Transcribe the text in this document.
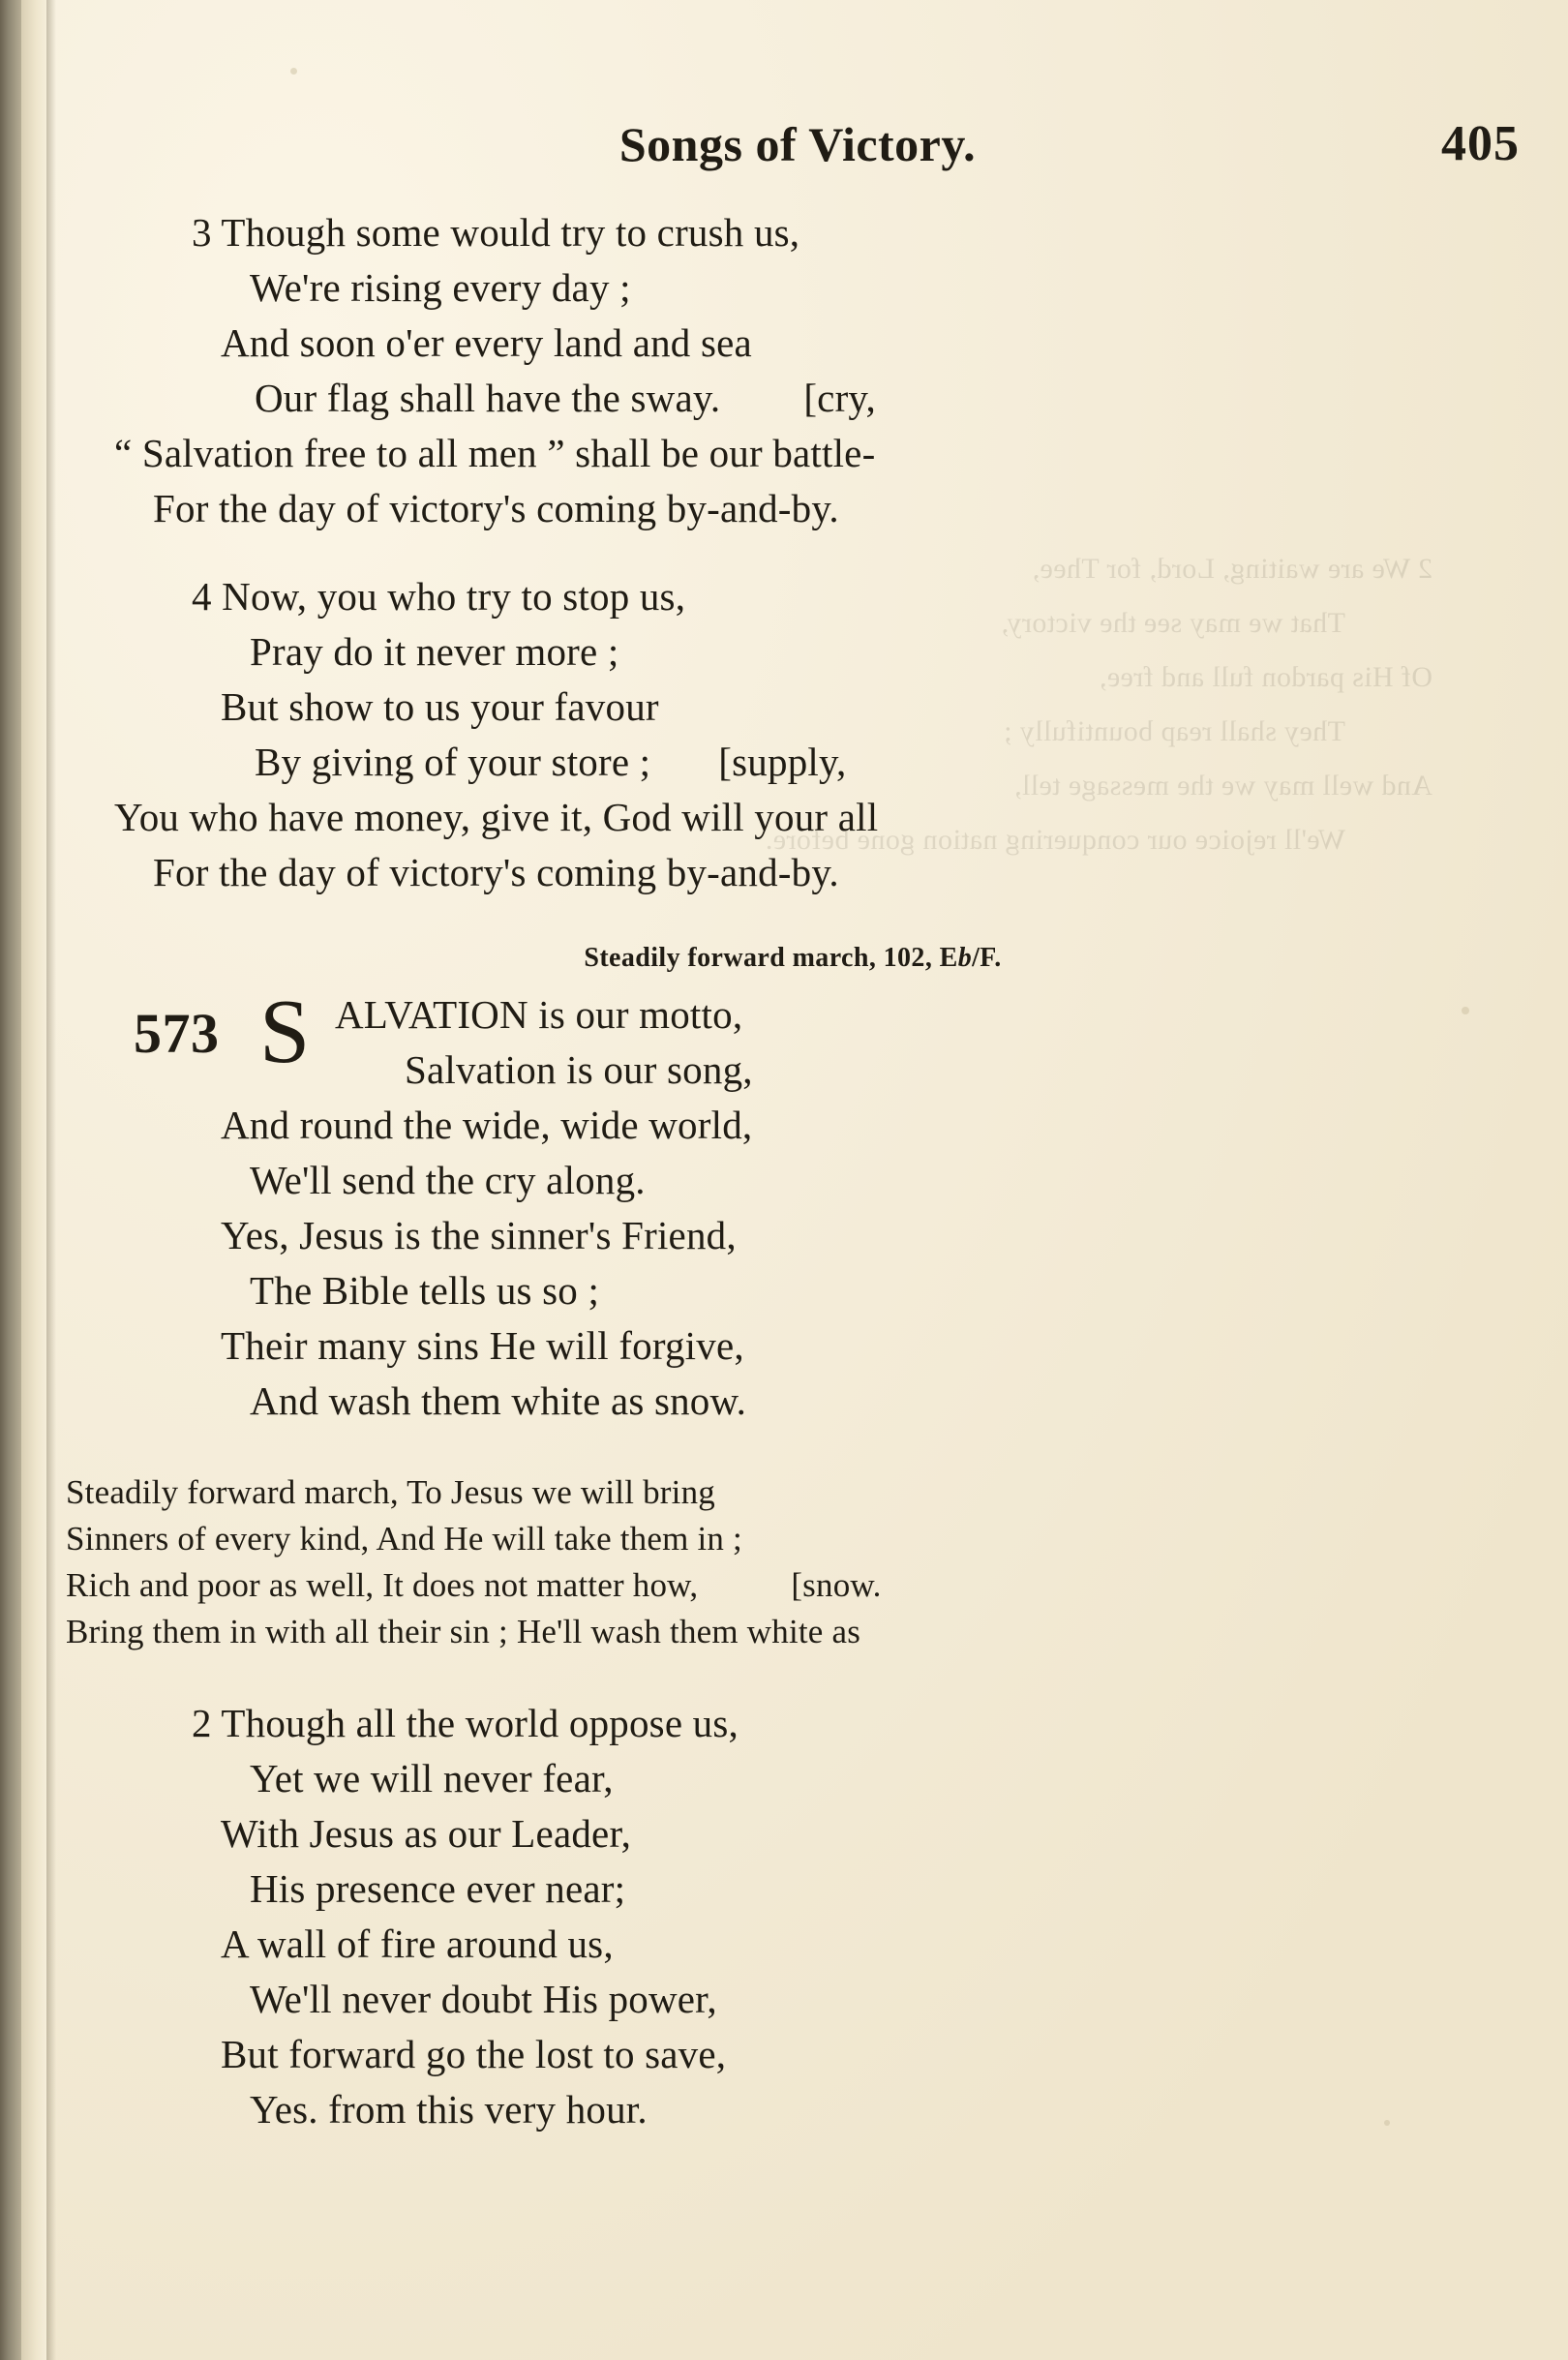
2 We are waiting, Lord, for Thee,
That we may see the victory,
Of His pardon full and free,
They shall reap bountifully ;
And well may we the message tell,
We'll rejoice our conquering nation gone before.
Songs of Victory.	405
3 Though some would try to crush us,
We're rising every day ;
And soon o'er every land and sea
Our flag shall have the sway. [cry,
“ Salvation free to all men ” shall be our battle-
For the day of victory's coming by-and-by.
4 Now, you who try to stop us,
Pray do it never more ;
But show to us your favour
By giving of your store ; [supply,
You who have money, give it, God will your all
For the day of victory's coming by-and-by.
Steadily forward march, 102, Eb/F.
573 S ALVATION is our motto,
Salvation is our song,
And round the wide, wide world,
We'll send the cry along.
Yes, Jesus is the sinner's Friend,
The Bible tells us so ;
Their many sins He will forgive,
And wash them white as snow.
Steadily forward march, To Jesus we will bring
Sinners of every kind, And He will take them in ;
Rich and poor as well, It does not matter how,	[snow.
Bring them in with all their sin ; He'll wash them white as
2 Though all the world oppose us,
Yet we will never fear,
With Jesus as our Leader,
His presence ever near;
A wall of fire around us,
We'll never doubt His power,
But forward go the lost to save,
Yes. from this very hour.
